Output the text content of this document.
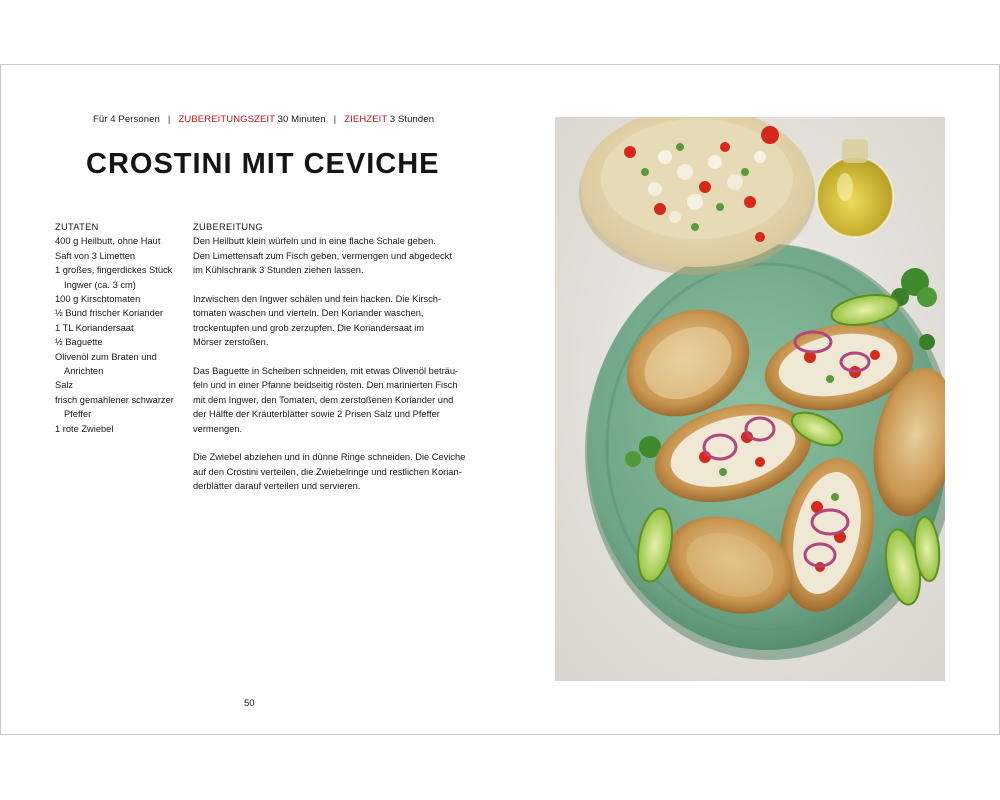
Für 4 Personen | ZUBEREITUNGSZEIT 30 Minuten | ZIEHZEIT 3 Stunden
CROSTINI MIT CEVICHE
ZUTATEN
400 g Heilbutt, ohne Haut
Saft von 3 Limetten
1 großes, fingerdickes Stück
Ingwer (ca. 3 cm)
100 g Kirschtomaten
½ Bund frischer Koriander
1 TL Koriandersaat
½ Baguette
Olivenöl zum Braten und
Anrichten
Salz
frisch gemahlener schwarzer
Pfeffer
1 rote Zwiebel
ZUBEREITUNG
Den Heilbutt klein würfeln und in eine flache Schale geben.
Den Limettensaft zum Fisch geben, vermengen und abgedeckt
im Kühlschrank 3 Stunden ziehen lassen.
Inzwischen den Ingwer schälen und fein hacken. Die Kirsch-
tomaten waschen und vierteln. Den Koriander waschen,
trockentupfen und grob zerzupfen. Die Koriandersaat im
Mörser zerstoßen.
Das Baguette in Scheiben schneiden, mit etwas Olivenöl beträu-
feln und in einer Pfanne beidseitig rösten. Den marinierten Fisch
mit dem Ingwer, den Tomaten, dem zerstoßenen Koriander und
der Hälfte der Kräuterblätter sowie 2 Prisen Salz und Pfeffer
vermengen.
Die Zwiebel abziehen und in dünne Ringe schneiden. Die Ceviche
auf den Crostini verteilen, die Zwiebelringe und restlichen Korian-
derblätter darauf verteilen und servieren.
50
